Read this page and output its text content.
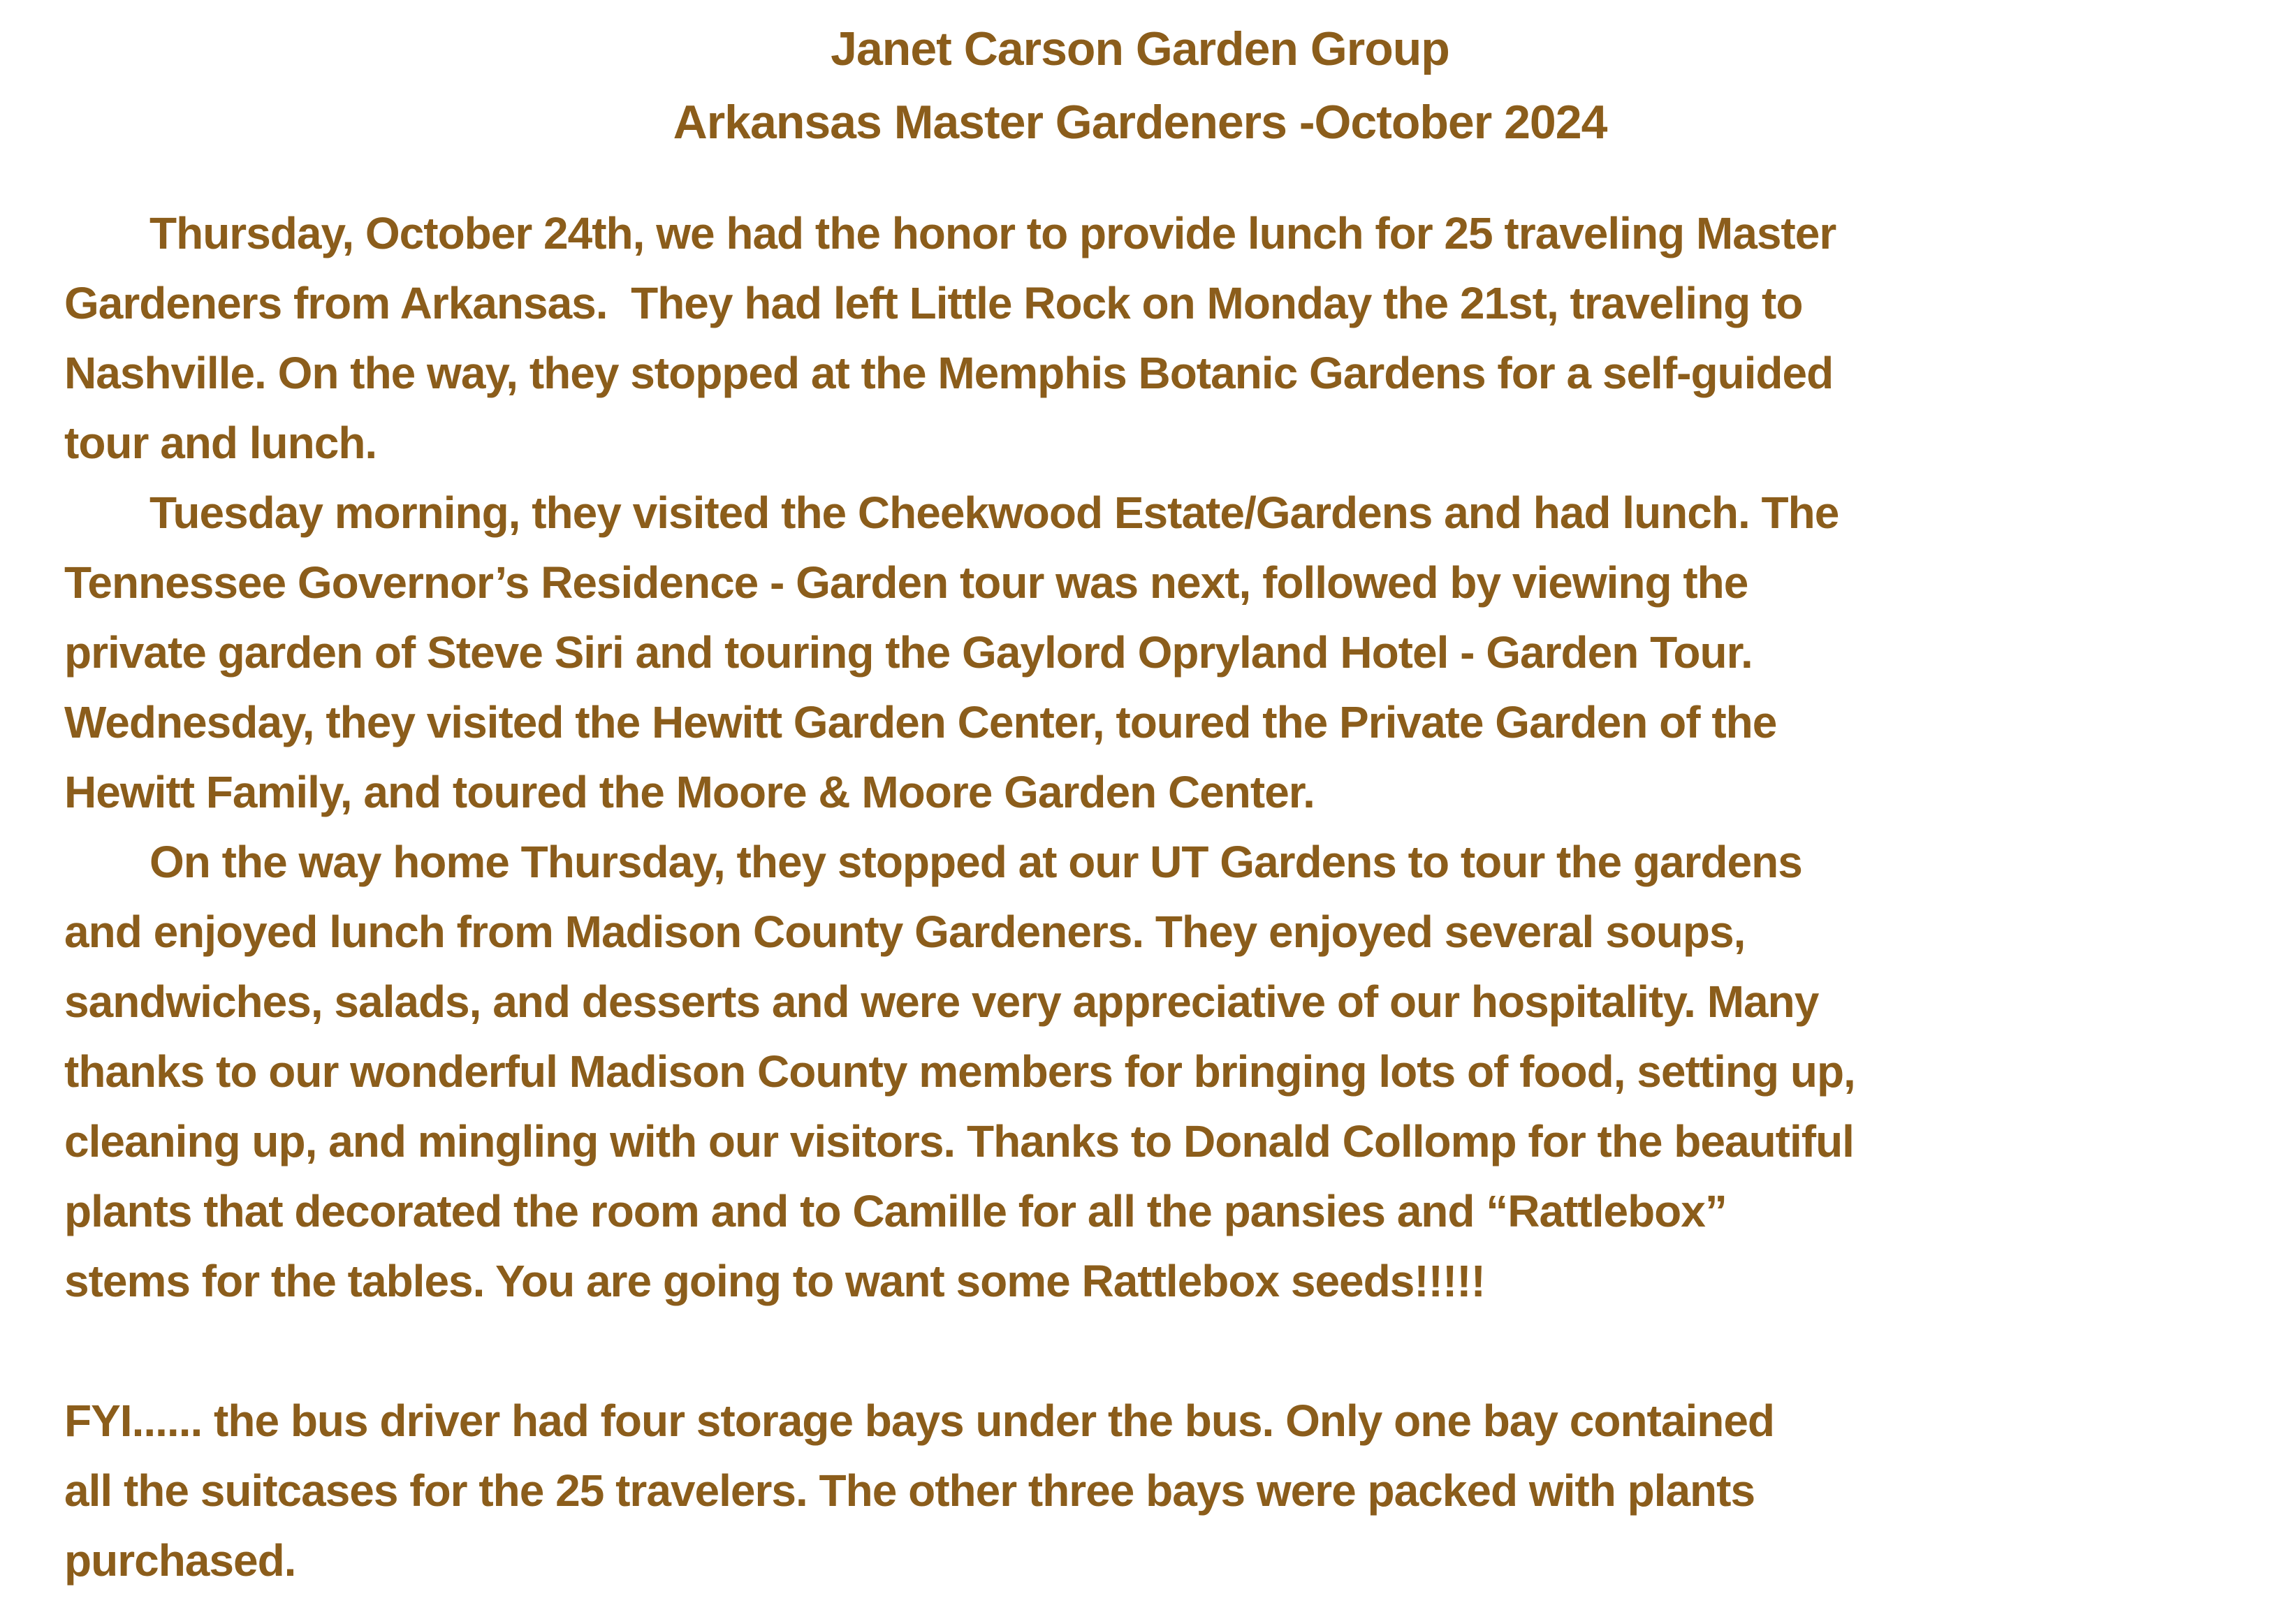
Janet Carson Garden Group
Arkansas Master Gardeners -October 2024
Thursday, October 24th, we had the honor to provide lunch for 25 traveling Master
Gardeners from Arkansas.  They had left Little Rock on Monday the 21st, traveling to
Nashville. On the way, they stopped at the Memphis Botanic Gardens for a self-guided
tour and lunch.
Tuesday morning, they visited the Cheekwood Estate/Gardens and had lunch. The
Tennessee Governor’s Residence - Garden tour was next, followed by viewing the
private garden of Steve Siri and touring the Gaylord Opryland Hotel - Garden Tour.
Wednesday, they visited the Hewitt Garden Center, toured the Private Garden of the
Hewitt Family, and toured the Moore & Moore Garden Center.
On the way home Thursday, they stopped at our UT Gardens to tour the gardens
and enjoyed lunch from Madison County Gardeners. They enjoyed several soups,
sandwiches, salads, and desserts and were very appreciative of our hospitality. Many
thanks to our wonderful Madison County members for bringing lots of food, setting up,
cleaning up, and mingling with our visitors. Thanks to Donald Collomp for the beautiful
plants that decorated the room and to Camille for all the pansies and “Rattlebox”
stems for the tables. You are going to want some Rattlebox seeds!!!!!
FYI...... the bus driver had four storage bays under the bus. Only one bay contained
all the suitcases for the 25 travelers. The other three bays were packed with plants
purchased.
